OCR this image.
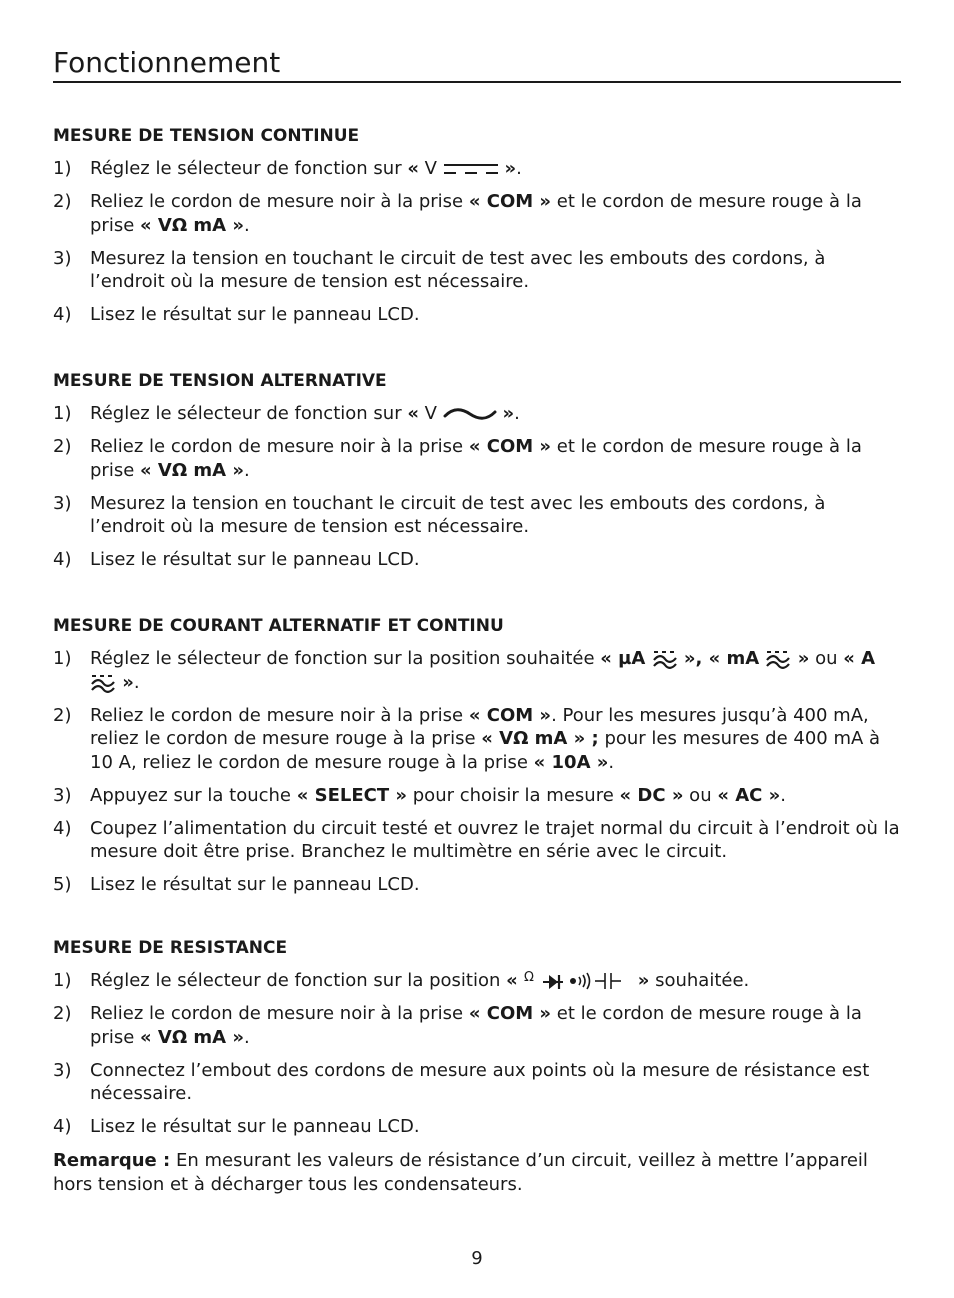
Fonctionnement
MESURE DE TENSION CONTINUE
1)	Réglez le sélecteur de fonction sur « V	».
2)	Reliez le cordon de mesure noir à la prise « COM » et le cordon de mesure rouge à la prise « VΩ mA ».
3)	Mesurez la tension en touchant le circuit de test avec les embouts des cordons, à l’endroit où la mesure de tension est nécessaire.
4)	Lisez le résultat sur le panneau LCD.
MESURE DE TENSION ALTERNATIVE
1)	Réglez le sélecteur de fonction sur « V	».
2)	Reliez le cordon de mesure noir à la prise « COM » et le cordon de mesure rouge à la prise « VΩ mA ».
3)	Mesurez la tension en touchant le circuit de test avec les embouts des cordons, à l’endroit où la mesure de tension est nécessaire.
4)	Lisez le résultat sur le panneau LCD.
MESURE DE COURANT ALTERNATIF ET CONTINU
1)	Réglez le sélecteur de fonction sur la position souhaitée « µA  », « mA  » ou « A  ».
2)	Reliez le cordon de mesure noir à la prise « COM ». Pour les mesures jusqu’à 400 mA, reliez le cordon de mesure rouge à la prise « VΩ mA » ; pour les mesures de 400 mA à 10 A, reliez le cordon de mesure rouge à la prise « 10A ».
3)	Appuyez sur la touche « SELECT » pour choisir la mesure « DC » ou « AC ».
4)	Coupez l’alimentation du circuit testé et ouvrez le trajet normal du circuit à l’endroit où la mesure doit être prise. Branchez le multimètre en série avec le circuit.
5)	Lisez le résultat sur le panneau LCD.
MESURE DE RESISTANCE
1)	Réglez le sélecteur de fonction sur la position « Ω	» souhaitée.
2)	Reliez le cordon de mesure noir à la prise « COM » et le cordon de mesure rouge à la prise « VΩ mA ».
3)	Connectez l’embout des cordons de mesure aux points où la mesure de résistance est nécessaire.
4)	Lisez le résultat sur le panneau LCD.
Remarque : En mesurant les valeurs de résistance d’un circuit, veillez à mettre l’appareil hors tension et à décharger tous les condensateurs.
9
